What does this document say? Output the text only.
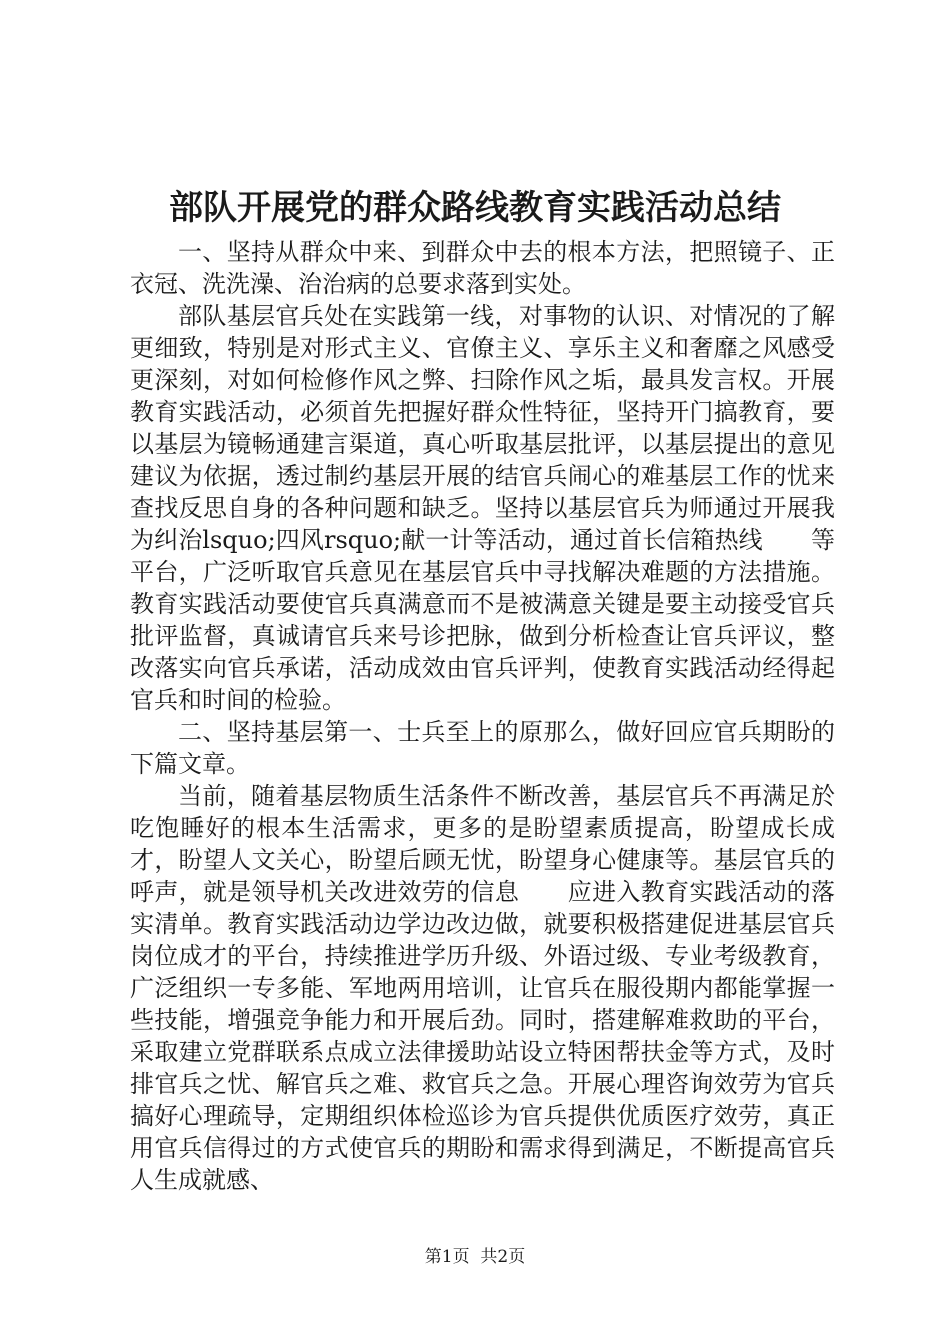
部队开展党的群众路线教育实践活动总结

一、坚持从群众中来、到群众中去的根本方法，把照镜子、正衣冠、洗洗澡、治治病的总要求落到实处。

部队基层官兵处在实践第一线，对事物的认识、对情况的了解更细致，特别是对形式主义、官僚主义、享乐主义和奢靡之风感受更深刻，对如何检修作风之弊、扫除作风之垢，最具发言权。开展教育实践活动，必须首先把握好群众性特征，坚持开门搞教育，要以基层为镜畅通建言渠道，真心听取基层批评，以基层提出的意见建议为依据，透过制约基层开展的结官兵闹心的难基层工作的忧来查找反思自身的各种问题和缺乏。坚持以基层官兵为师通过开展我为纠治lsquo;四风rsquo;献一计等活动，通过首长信箱热线　　等平台，广泛听取官兵意见在基层官兵中寻找解决难题的方法措施。教育实践活动要使官兵真满意而不是被满意关键是要主动接受官兵批评监督，真诚请官兵来号诊把脉，做到分析检查让官兵评议，整改落实向官兵承诺，活动成效由官兵评判，使教育实践活动经得起官兵和时间的检验。

二、坚持基层第一、士兵至上的原那么，做好回应官兵期盼的下篇文章。

当前，随着基层物质生活条件不断改善，基层官兵不再满足於吃饱睡好的根本生活需求，更多的是盼望素质提高，盼望成长成才，盼望人文关心，盼望后顾无忧，盼望身心健康等。基层官兵的呼声，就是领导机关改进效劳的信息　　应进入教育实践活动的落实清单。教育实践活动边学边改边做，就要积极搭建促进基层官兵岗位成才的平台，持续推进学历升级、外语过级、专业考级教育，广泛组织一专多能、军地两用培训，让官兵在服役期内都能掌握一些技能，增强竞争能力和开展后劲。同时，搭建解难救助的平台，采取建立党群联系点成立法律援助站设立特困帮扶金等方式，及时排官兵之忧、解官兵之难、救官兵之急。开展心理咨询效劳为官兵搞好心理疏导，定期组织体检巡诊为官兵提供优质医疗效劳，真正用官兵信得过的方式使官兵的期盼和需求得到满足，不断提高官兵人生成就感、

第1页  共2页
